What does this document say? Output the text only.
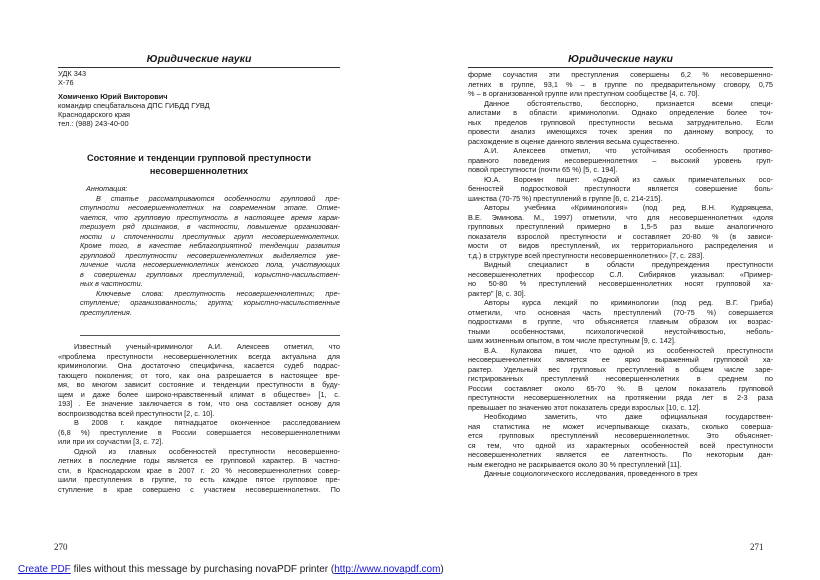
Юридические науки
УДК 343
Х-76
Хомиченко Юрий Викторович
командир спецбатальона ДПС ГИБДД ГУВД
Краснодарского края
тел.: (988) 243-40-00
Состояние и тенденции групповой преступности
несовершеннолетних
Аннотация:
В статье рассматриваются особенности групповой пре-
ступности несовершеннолетних на современном этапе. Отме-
чается, что групповую преступность в настоящее время харак-
теризует ряд признаков, в частности, повышение организован-
ности и сплоченности преступных групп несовершеннолетних.
Кроме того, в качестве неблагоприятной тенденции развития
групповой преступности несовершеннолетних выделяется уве-
личение числа несовершеннолетних женского пола, участвующих
в совершении групповых преступлений, корыстно-насильствен-
ных в частности.
Ключевые слова: преступность несовершеннолетних; пре-
ступление; организованность; группа; корыстно-насильственные
преступления.
Известный ученый-криминолог А.И. Алексеев отметил, что
«проблема преступности несовершеннолетних всегда актуальна для
криминологии. Она достаточно специфична, касается судеб подрас-
тающего поколения; от того, как она разрешается в настоящее вре-
мя, во многом зависит состояние и тенденции преступности в буду-
щем и даже более широко-нравственный климат в обществе» [1, с.
193] . Ее значение заключается в том, что она составляет основу для
воспроизводства всей преступности [2, с. 10].
В 2008 г. каждое пятнадцатое оконченное расследованием
(6,8 %) преступление в России совершается несовершеннолетними
или при их соучастии [3, с. 72].
Одной из главных особенностей преступности несовершенно-
летних в последние годы является ее групповой характер. В частно-
сти, в Краснодарском крае в 2007 г. 20 % несовершеннолетних совер-
шили преступления в группе, то есть каждое пятое групповое пре-
ступление в крае совершено с участием несовершеннолетних. По
270
Юридические науки
форме соучастия эти преступления совершены 6,2 % несовершенно-
летних в группе, 93,1 % – в группе по предварительному сговору, 0,75
% – в организованной группе или преступном сообществе [4, с. 70].
Данное обстоятельство, бесспорно, признается всеми специ-
алистами в области криминологии. Однако определение более точ-
ных пределов групповой преступности весьма затруднительно. Если
провести анализ имеющихся точек зрения по данному вопросу, то
расхождение в оценке данного явления весьма существенно.
А.И. Алексеев отметил, что устойчивая особенность противо-
правного поведения несовершеннолетних – высокий уровень груп-
повой преступности (почти 65 %) [5, с. 194].
Ю.А. Воронин пишет: «Одной из самых примечательных осо-
бенностей подростковой преступности является совершение боль-
шинства (70-75 %) преступлений в группе [6, с. 214-215].
Авторы учебника «Криминология» (под ред. В.Н. Кудрявцева,
В.Е. Эминова. М., 1997) отметили, что для несовершеннолетних «доля
групповых преступлений примерно в 1,5-5 раз выше аналогичного
показателя взрослой преступности и составляет 20-80 % (в зависи-
мости от видов преступлений, их территориального распределения и
т.д.) в структуре всей преступности несовершеннолетних» [7, с. 283].
Видный специалист в области предупреждения преступности
несовершеннолетних профессор С.Л. Сибиряков указывал: «Пример-
но 50-80 % преступлений несовершеннолетних носят групповой ха-
рактер" [8, с. 30].
Авторы курса лекций по криминологии (под ред. В.Г. Гриба)
отметили, что основная часть преступлений (70-75 %) совершается
подростками в группе, что объясняется главным образом их возрас-
тными особенностями, психологической неустойчивостью, неболь-
шим жизненным опытом, в том числе преступным [9, с. 142].
В.А. Кулакова пишет, что одной из особенностей преступности
несовершеннолетних является ее ярко выраженный групповой ха-
рактер. Удельный вес групповых преступлений в общем числе заре-
гистрированных преступлений несовершеннолетних в среднем по
России составляет около 65-70 %. В целом показатель групповой
преступности несовершеннолетних на протяжении ряда лет в 2-3 раза
превышает по значению этот показатель среди взрослых [10, с. 12].
Необходимо заметить, что даже официальная государствен-
ная статистика не может исчерпывающе сказать, сколько совершa-
ется групповых преступлений несовершеннолетних. Это объясняет-
ся тем, что одной из характерных особенностей всей преступности
несовершеннолетних является ее латентность. По некоторым дан-
ным ежегодно не раскрывается около 30 % преступлений [11].
Данные социологического исследования, проведенного в трех
271
Create PDF files without this message by purchasing novaPDF printer (http://www.novapdf.com)
